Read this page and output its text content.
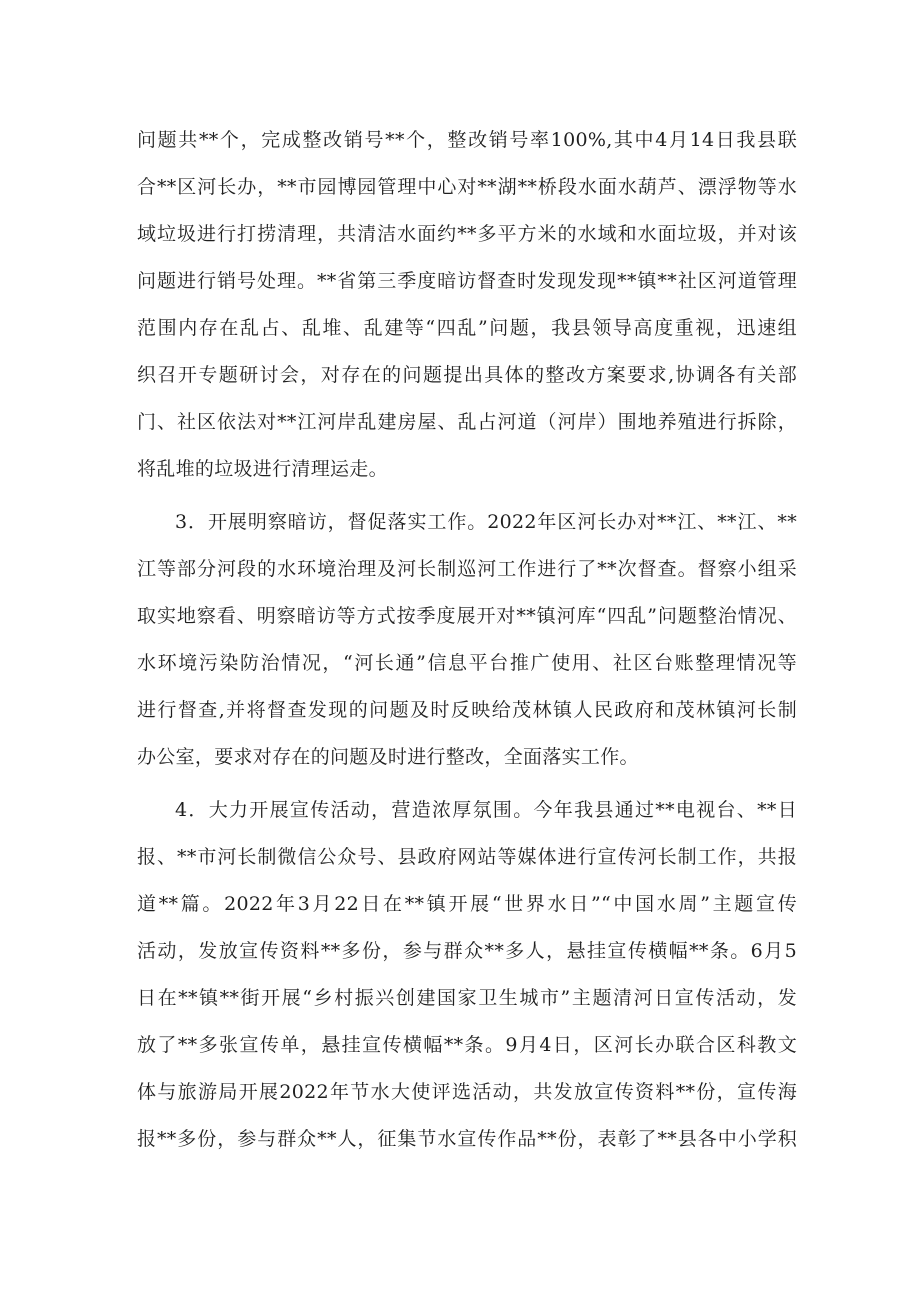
问题共**个，完成整改销号**个，整改销号率100%,其中4月14日我县联
合**区河长办，**市园博园管理中心对**湖**桥段水面水葫芦、漂浮物等水
域垃圾进行打捞清理，共清洁水面约**多平方米的水域和水面垃圾，并对该
问题进行销号处理。**省第三季度暗访督查时发现发现**镇**社区河道管理
范围内存在乱占、乱堆、乱建等“四乱”问题，我县领导高度重视，迅速组
织召开专题研讨会，对存在的问题提出具体的整改方案要求,协调各有关部
门、社区依法对**江河岸乱建房屋、乱占河道（河岸）围地养殖进行拆除，
将乱堆的垃圾进行清理运走。
3．开展明察暗访，督促落实工作。2022年区河长办对**江、**江、**
江等部分河段的水环境治理及河长制巡河工作进行了**次督查。督察小组采
取实地察看、明察暗访等方式按季度展开对**镇河库“四乱”问题整治情况、
水环境污染防治情况，“河长通”信息平台推广使用、社区台账整理情况等
进行督查,并将督查发现的问题及时反映给茂林镇人民政府和茂林镇河长制
办公室，要求对存在的问题及时进行整改，全面落实工作。
4．大力开展宣传活动，营造浓厚氛围。今年我县通过**电视台、**日
报、**市河长制微信公众号、县政府网站等媒体进行宣传河长制工作，共报
道**篇。2022年3月22日在**镇开展“世界水日”“中国水周”主题宣传
活动，发放宣传资料**多份，参与群众**多人，悬挂宣传横幅**条。6月5
日在**镇**街开展“乡村振兴创建国家卫生城市”主题清河日宣传活动，发
放了**多张宣传单，悬挂宣传横幅**条。9月4日，区河长办联合区科教文
体与旅游局开展2022年节水大使评选活动，共发放宣传资料**份，宣传海
报**多份，参与群众**人，征集节水宣传作品**份，表彰了**县各中小学积
